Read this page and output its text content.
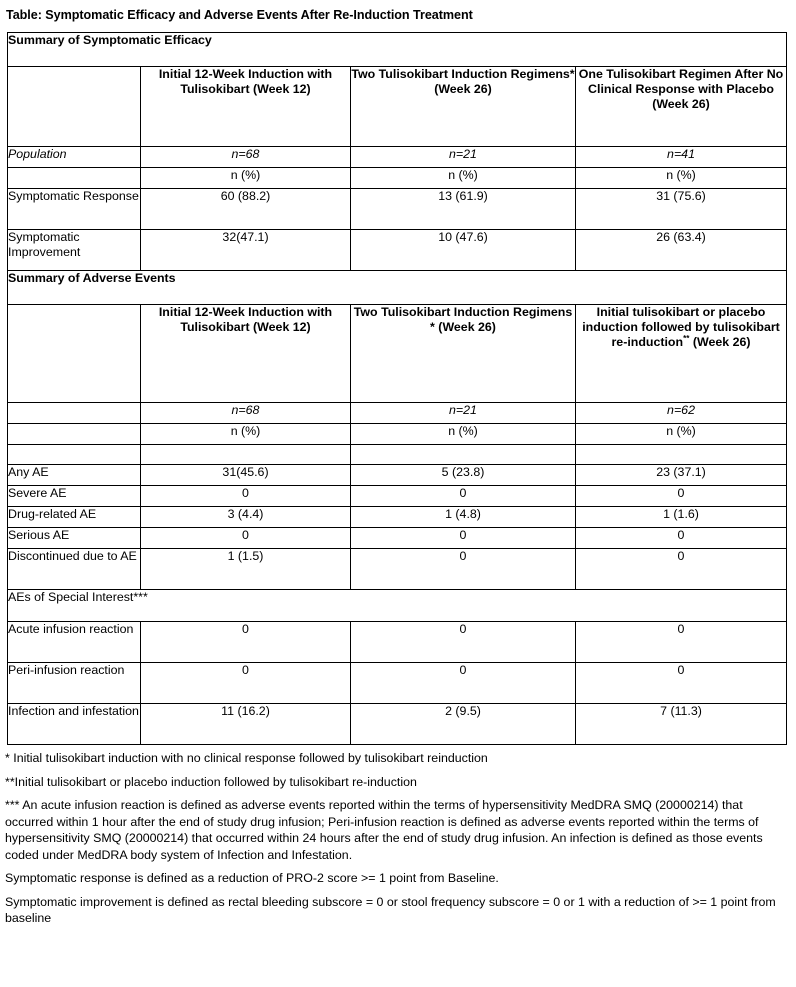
Table: Symptomatic Efficacy and Adverse Events After Re-Induction Treatment
Summary of Symptomatic Efficacy			
	Initial 12-Week Induction with Tulisokibart (Week 12)	Two Tulisokibart Induction Regimens* (Week 26)	One Tulisokibart Regimen After No Clinical Response with Placebo (Week 26)
Population	n=68	n=21	n=41
	n (%)	n (%)	n (%)
Symptomatic Response	60 (88.2)	13 (61.9)	31 (75.6)
Symptomatic Improvement	32(47.1)	10 (47.6)	26 (63.4)
Summary of Adverse Events			
	Initial 12-Week Induction with Tulisokibart (Week 12)	Two Tulisokibart Induction Regimens * (Week 26)	Initial tulisokibart or placebo induction followed by tulisokibart re-induction** (Week 26)
	n=68	n=21	n=62
	n (%)	n (%)	n (%)

Any AE	31(45.6)	5 (23.8)	23 (37.1)
Severe AE	0	0	0
Drug-related AE	3 (4.4)	1 (4.8)	1 (1.6)
Serious AE	0	0	0
Discontinued due to AE	1 (1.5)	0	0
AEs of Special Interest***			
Acute infusion reaction	0	0	0
Peri-infusion reaction	0	0	0
Infection and infestation	11 (16.2)	2 (9.5)	7 (11.3)

* Initial tulisokibart induction with no clinical response followed by tulisokibart reinduction

**Initial tulisokibart or placebo induction followed by tulisokibart re-induction

*** An acute infusion reaction is defined as adverse events reported within the terms of hypersensitivity MedDRA SMQ (20000214) that occurred within 1 hour after the end of study drug infusion; Peri-infusion reaction is defined as adverse events reported within the terms of hypersensitivity SMQ (20000214) that occurred within 24 hours after the end of study drug infusion. An infection is defined as those events coded under MedDRA body system of Infection and Infestation.

Symptomatic response is defined as a reduction of PRO-2 score >= 1 point from Baseline.

Symptomatic improvement is defined as rectal bleeding subscore = 0 or stool frequency subscore = 0 or 1 with a reduction of >= 1 point from baseline
